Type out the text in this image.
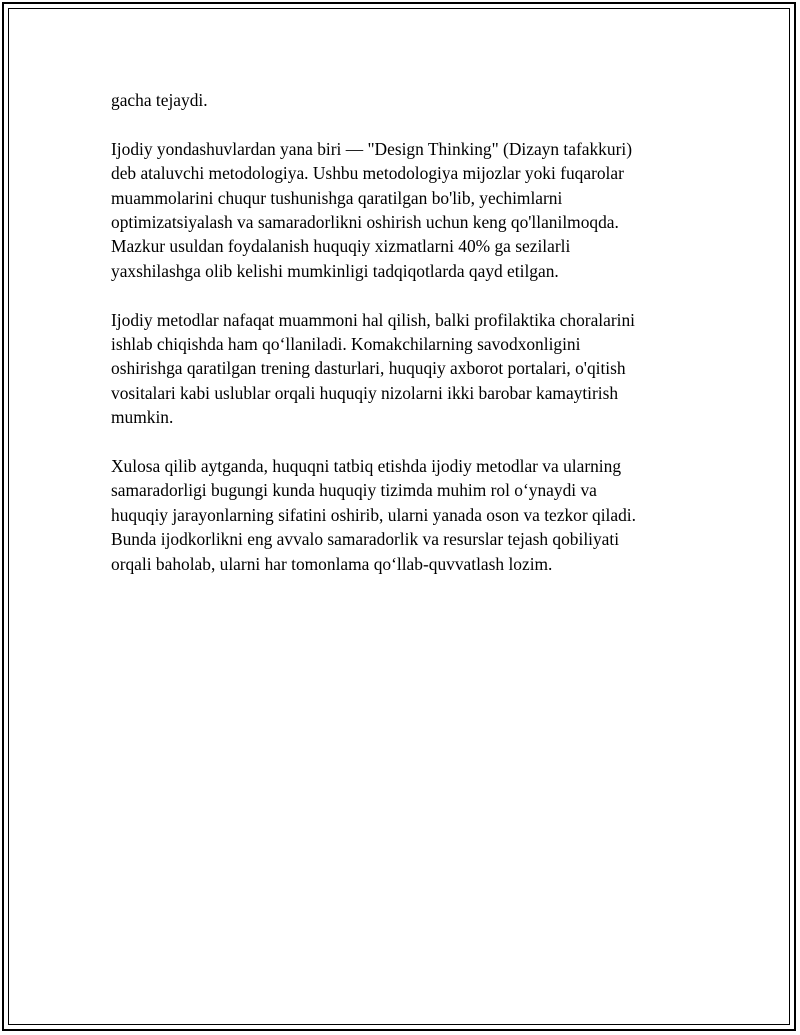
gacha tejaydi.

Ijodiy yondashuvlardan yana biri — "Design Thinking" (Dizayn tafakkuri)
deb ataluvchi metodologiya. Ushbu metodologiya mijozlar yoki fuqarolar
muammolarini chuqur tushunishga qaratilgan bo'lib, yechimlarni
optimizatsiyalash va samaradorlikni oshirish uchun keng qo'llanilmoqda.
Mazkur usuldan foydalanish huquqiy xizmatlarni 40% ga sezilarli
yaxshilashga olib kelishi mumkinligi tadqiqotlarda qayd etilgan.

Ijodiy metodlar nafaqat muammoni hal qilish, balki profilaktika choralarini
ishlab chiqishda ham qo‘llaniladi. Komakchilarning savodxonligini
oshirishga qaratilgan trening dasturlari, huquqiy axborot portalari, o'qitish
vositalari kabi uslublar orqali huquqiy nizolarni ikki barobar kamaytirish
mumkin.

Xulosa qilib aytganda, huquqni tatbiq etishda ijodiy metodlar va ularning
samaradorligi bugungi kunda huquqiy tizimda muhim rol o‘ynaydi va
huquqiy jarayonlarning sifatini oshirib, ularni yanada oson va tezkor qiladi.
Bunda ijodkorlikni eng avvalo samaradorlik va resurslar tejash qobiliyati
orqali baholab, ularni har tomonlama qo‘llab-quvvatlash lozim.
